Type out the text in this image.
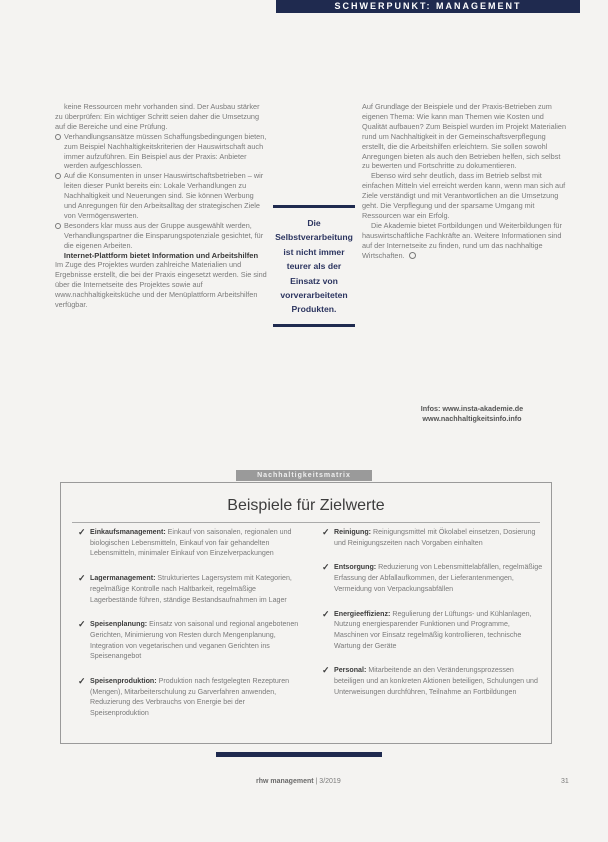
SCHWERPUNKT: MANAGEMENT

keine Ressourcen mehr vorhanden sind. Der Ausbau stärker zu überprüfen: Ein wichtiger Schritt seien daher die Umsetzung auf die Bereiche und eine Prüfung.

Verhandlungsansätze müssen Schaffungsbedingungen bieten, zum Beispiel Nachhaltigkeitskriterien der Hauswirtschaft auch immer aufzuführen. Ein Beispiel aus der Praxis: Anbieter werden aufgeschlossen.

Auf die Konsumenten in unser Hauswirtschaftsbetrieben – wir leiten dieser Punkt bereits ein: Lokale Verhandlungen zu Nachhaltigkeit und Neuerungen sind. Sie können Werbung und Anregungen für den Arbeitsalltag der strategischen Ziele von Vermögenswerten.

Besonders klar muss aus der Gruppe ausgewählt werden, Verhandlungspartner die Einsparungspotenziale gesichtet, für die eigenen Arbeiten.

Internet-Plattform bietet Information und Arbeitshilfen

Im Zuge des Projektes wurden zahlreiche Materialien und Ergebnisse erstellt, die bei der Praxis eingesetzt werden. Sie sind über die Internetseite des Projektes sowie auf www.nachhaltigkeitsküche und der Menüplattform Arbeitshilfen verfügbar.

Die Selbstverarbeitung ist nicht immer teurer als der Einsatz von vorverarbeiteten Produkten.

Auf Grundlage der Beispiele und der Praxis-Betrieben zum eigenen Thema: Wie kann man Themen wie Kosten und Qualität aufbauen? Zum Beispiel wurden im Projekt Materialien rund um Nachhaltigkeit in der Gemeinschaftsverpflegung erstellt, die die Arbeitshilfen erleichtern. Sie sollen sowohl Anregungen bieten als auch den Betrieben helfen, sich selbst zu bewerten und Fortschritte zu dokumentieren.

Ebenso wird sehr deutlich, dass im Betrieb selbst mit einfachen Mitteln viel erreicht werden kann, wenn man sich auf Ziele verständigt und mit Verantwortlichen an die Umsetzung geht. Die Verpflegung und der sparsame Umgang mit Ressourcen war ein Erfolg.

Die Akademie bietet Fortbildungen und Weiterbildungen für hauswirtschaftliche Fachkräfte an. Weitere Informationen sind auf der Internetseite zu finden, rund um das nachhaltige Wirtschaften.

Infos: www.insta-akademie.de
www.nachhaltigkeitsinfo.info
Nachhaltigkeitsmatrix
Beispiele für Zielwerte

✓ Einkaufsmanagement: Einkauf von saisonalen, regionalen und biologischen Lebensmitteln, Einkauf von fair gehandelten Lebensmitteln, minimaler Einkauf von Einzelverpackungen

✓ Lagermanagement: Strukturiertes Lagersystem mit Kategorien, regelmäßige Kontrolle nach Haltbarkeit, regelmäßige Lagerbestände führen, ständige Bestandsaufnahmen im Lager

✓ Speisenplanung: Einsatz von saisonal und regional angebotenen Gerichten, Minimierung von Resten durch Mengenplanung, Integration von vegetarischen und veganen Gerichten ins Speisenangebot

✓ Speisenproduktion: Produktion nach festgelegten Rezepturen (Mengen), Mitarbeiterschulung zu Garverfahren anwenden, Reduzierung des Verbrauchs von Energie bei der Speisenproduktion

✓ Reinigung: Reinigungsmittel mit Ökolabel einsetzen, Dosierung und Reinigungszeiten nach Vorgaben einhalten

✓ Entsorgung: Reduzierung von Lebensmittelabfällen, regelmäßige Erfassung der Abfallaufkommen, der Lieferantenmengen, Vermeidung von Verpackungsabfällen

✓ Energieeffizienz: Regulierung der Lüftungs- und Kühlanlagen, Nutzung energiesparender Funktionen und Programme, Maschinen vor Einsatz regelmäßig kontrollieren, technische Wartung der Geräte

✓ Personal: Mitarbeitende an den Veränderungsprozessen beteiligen und an konkreten Aktionen beteiligen, Schulungen und Unterweisungen durchführen, Teilnahme an Fortbildungen

rhw management | 3/2019	31
